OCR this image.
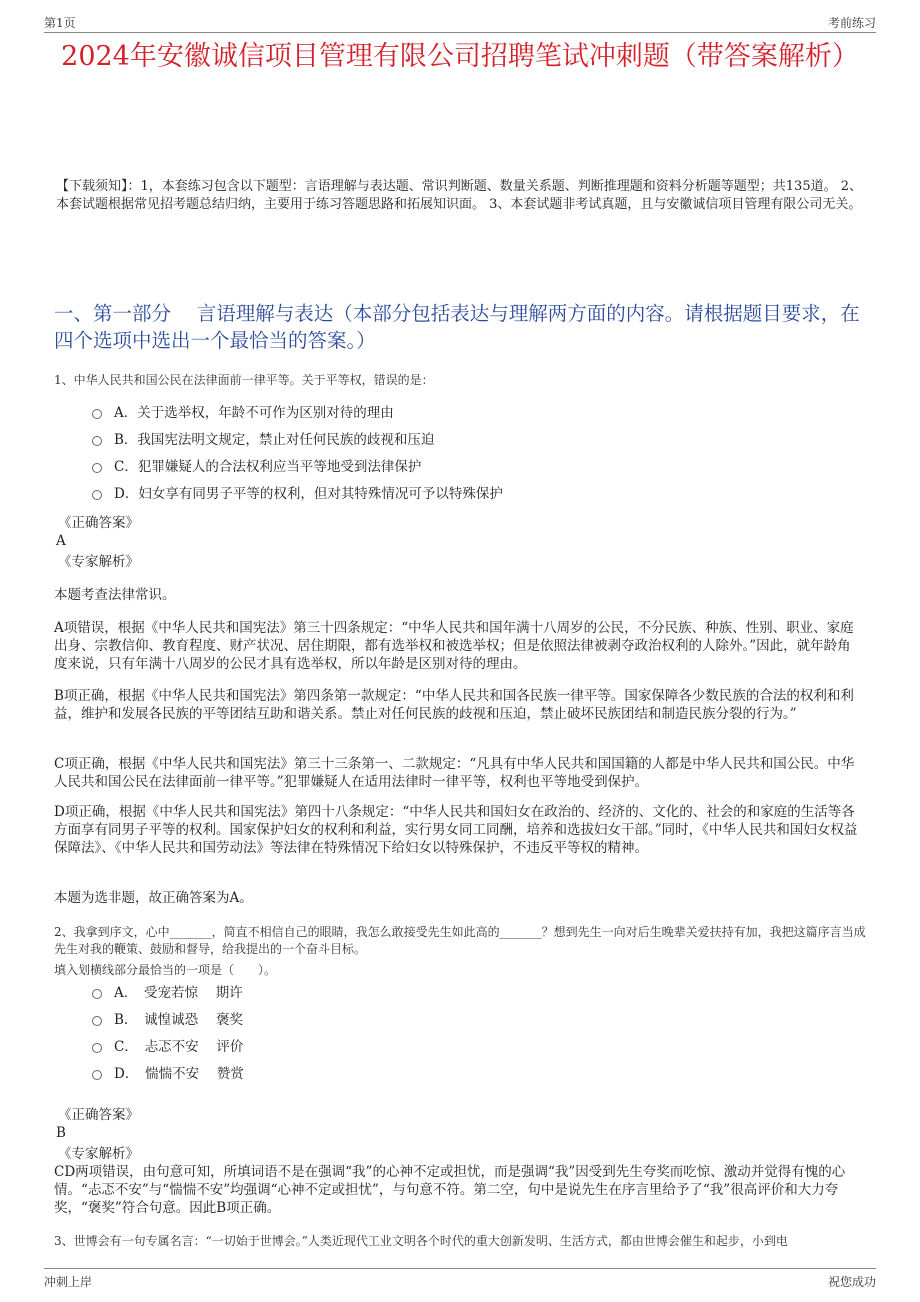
第1页	考前练习
2024年安徽诚信项目管理有限公司招聘笔试冲刺题（带答案解析）
【下载须知】：1，本套练习包含以下题型：言语理解与表达题、常识判断题、数量关系题、判断推理题和资料分析题等题型；共135道。 2、本套试题根据常见招考题总结归纳，主要用于练习答题思路和拓展知识面。 3、本套试题非考试真题，且与安徽诚信项目管理有限公司无关。
一、第一部分　 言语理解与表达（本部分包括表达与理解两方面的内容。请根据题目要求，在四个选项中选出一个最恰当的答案。）
1、中华人民共和国公民在法律面前一律平等。关于平等权，错误的是：
A．关于选举权，年龄不可作为区别对待的理由
B．我国宪法明文规定，禁止对任何民族的歧视和压迫
C．犯罪嫌疑人的合法权利应当平等地受到法律保护
D．妇女享有同男子平等的权利，但对其特殊情况可予以特殊保护
《正确答案》
A
《专家解析》
本题考查法律常识。
A项错误，根据《中华人民共和国宪法》第三十四条规定：“中华人民共和国年满十八周岁的公民，不分民族、种族、性别、职业、家庭出身、宗教信仰、教育程度、财产状况、居住期限，都有选举权和被选举权；但是依照法律被剥夺政治权利的人除外。”因此，就年龄角度来说，只有年满十八周岁的公民才具有选举权，所以年龄是区别对待的理由。
B项正确，根据《中华人民共和国宪法》第四条第一款规定：“中华人民共和国各民族一律平等。国家保障各少数民族的合法的权利和利益，维护和发展各民族的平等团结互助和谐关系。禁止对任何民族的歧视和压迫，禁止破坏民族团结和制造民族分裂的行为。”
C项正确，根据《中华人民共和国宪法》第三十三条第一、二款规定：“凡具有中华人民共和国国籍的人都是中华人民共和国公民。中华人民共和国公民在法律面前一律平等。”犯罪嫌疑人在适用法律时一律平等，权利也平等地受到保护。
D项正确，根据《中华人民共和国宪法》第四十八条规定：“中华人民共和国妇女在政治的、经济的、文化的、社会的和家庭的生活等各方面享有同男子平等的权利。国家保护妇女的权利和利益，实行男女同工同酬，培养和选拔妇女干部。”同时，《中华人民共和国妇女权益保障法》、《中华人民共和国劳动法》等法律在特殊情况下给妇女以特殊保护，不违反平等权的精神。
本题为选非题，故正确答案为A。
2、我拿到序文，心中_______，简直不相信自己的眼睛，我怎么敢接受先生如此高的_______？想到先生一向对后生晚辈关爱扶持有加，我把这篇序言当成先生对我的鞭策、鼓励和督导，给我提出的一个奋斗目标。
填入划横线部分最恰当的一项是（　　）。
A．　受宠若惊　 期许
B．　诚惶诚恐　 褒奖
C．　忐忑不安　 评价
D．　惴惴不安　 赞赏
《正确答案》
B
《专家解析》
CD两项错误，由句意可知，所填词语不是在强调“我”的心神不定或担忧，而是强调“我”因受到先生夸奖而吃惊、激动并觉得有愧的心情。“忐忑不安”与“惴惴不安”均强调“心神不定或担忧”，与句意不符。第二空，句中是说先生在序言里给予了“我”很高评价和大力夸奖，“褒奖”符合句意。因此B项正确。
3、世博会有一句专属名言：“一切始于世博会。”人类近现代工业文明各个时代的重大创新发明、生活方式，都由世博会催生和起步，小到电
冲刺上岸	祝您成功
